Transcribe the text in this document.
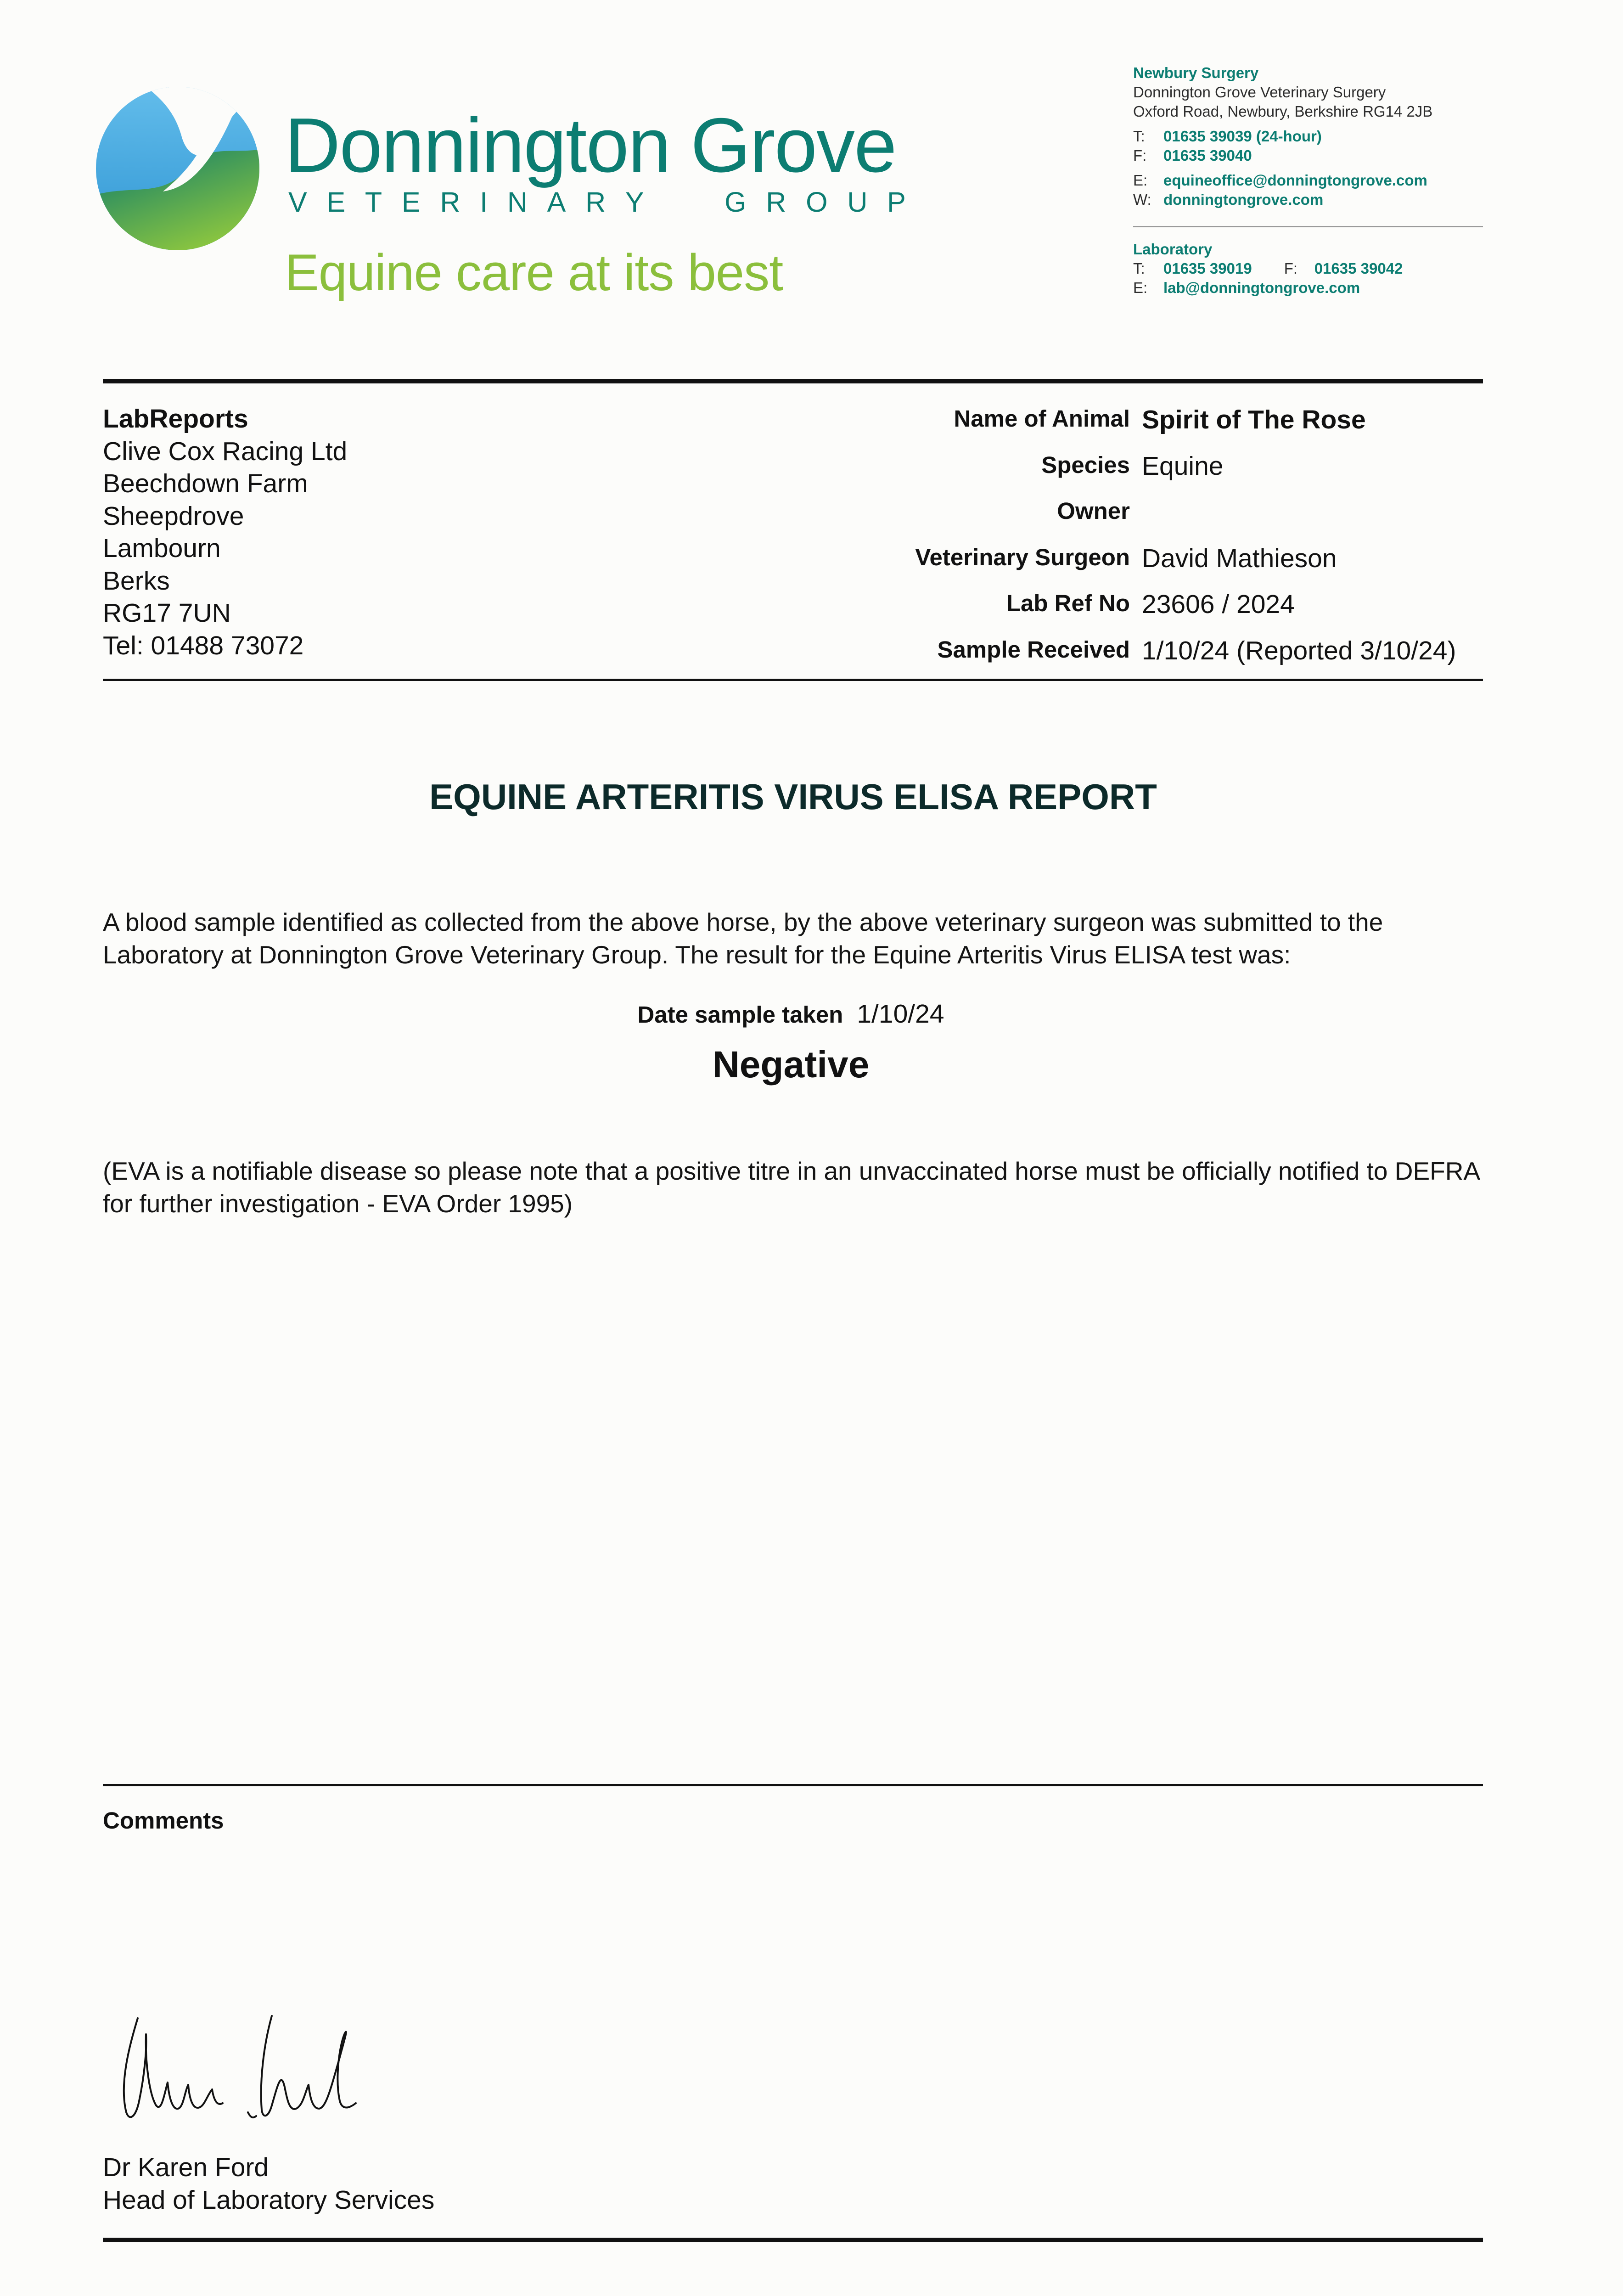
Donnington Grove
V E T E R I N A R Y	G R O U P
Equine care at its best
Newbury Surgery
Donnington Grove Veterinary Surgery
Oxford Road, Newbury, Berkshire RG14 2JB
T: 01635 39039 (24-hour)
F: 01635 39040
E: equineoffice@donningtongrove.com
W: donningtongrove.com
Laboratory
T: 01635 39019 F: 01635 39042
E: lab@donningtongrove.com
LabReports
Clive Cox Racing Ltd
Beechdown Farm
Sheepdrove
Lambourn
Berks
RG17 7UN
Tel: 01488 73072
Name of Animal Spirit of The Rose
Species Equine
Owner
Veterinary Surgeon David Mathieson
Lab Ref No 23606 / 2024
Sample Received 1/10/24 (Reported 3/10/24)
EQUINE ARTERITIS VIRUS ELISA REPORT
A blood sample identified as collected from the above horse, by the above veterinary surgeon was submitted to the Laboratory at Donnington Grove Veterinary Group. The result for the Equine Arteritis Virus ELISA test was:
Date sample taken 1/10/24
Negative
(EVA is a notifiable disease so please note that a positive titre in an unvaccinated horse must be officially notified to DEFRA for further investigation - EVA Order 1995)
Comments
Dr Karen Ford
Head of Laboratory Services
